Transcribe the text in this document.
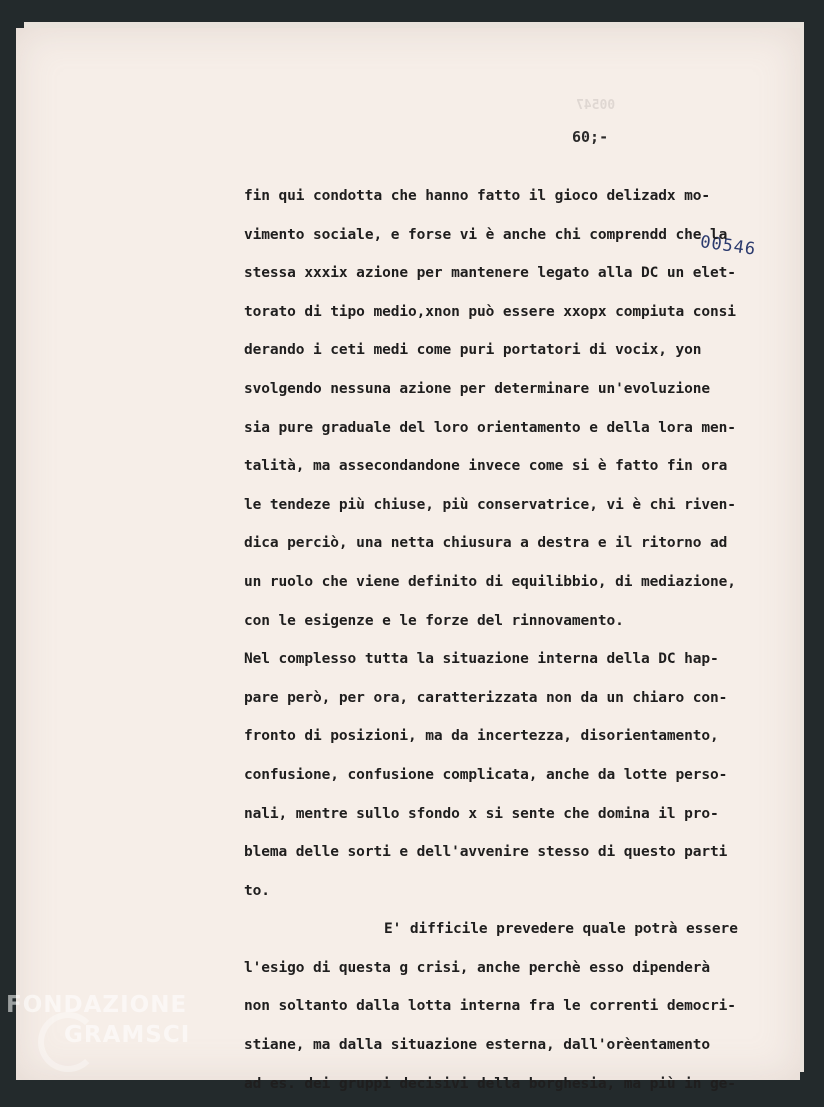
00547
60;-
00546
fin qui condotta che hanno fatto il gioco delizadx mo-
vimento sociale, e forse vi è anche chi comprendd che la
stessa xxxix azione per mantenere legato alla DC un elet-
torato di tipo medio,xnon può essere xxopx compiuta consi
derando i ceti medi come puri portatori di vocix, yon
svolgendo nessuna azione per determinare un'evoluzione
sia pure graduale del loro orientamento e della lora men-
talità, ma assecondandone invece come si è fatto fin ora
le tendeze più chiuse, più conservatrice, vi è chi riven-
dica perciò, una netta chiusura a destra e il ritorno ad
un ruolo che viene definito di equilibbio, di mediazione,
con le esigenze e le forze del rinnovamento.
Nel complesso tutta la situazione interna della DC hap-
pare però, per ora, caratterizzata non da un chiaro con-
fronto di posizioni, ma da incertezza, disorientamento,
confusione, confusione complicata, anche da lotte perso-
nali, mentre sullo sfondo x si sente che domina il pro-
blema delle sorti e dell'avvenire stesso di questo parti
to.
E' difficile prevedere quale potrà essere
l'esigo di questa g crisi, anche perchè esso dipenderà
non soltanto dalla lotta interna fra le correnti democri-
stiane, ma dalla situazione esterna, dall'orèentamento
ad es. dei gruppi decisivi della borghesia, ma più in ge-
FONDAZIONE
GRAMSCI
